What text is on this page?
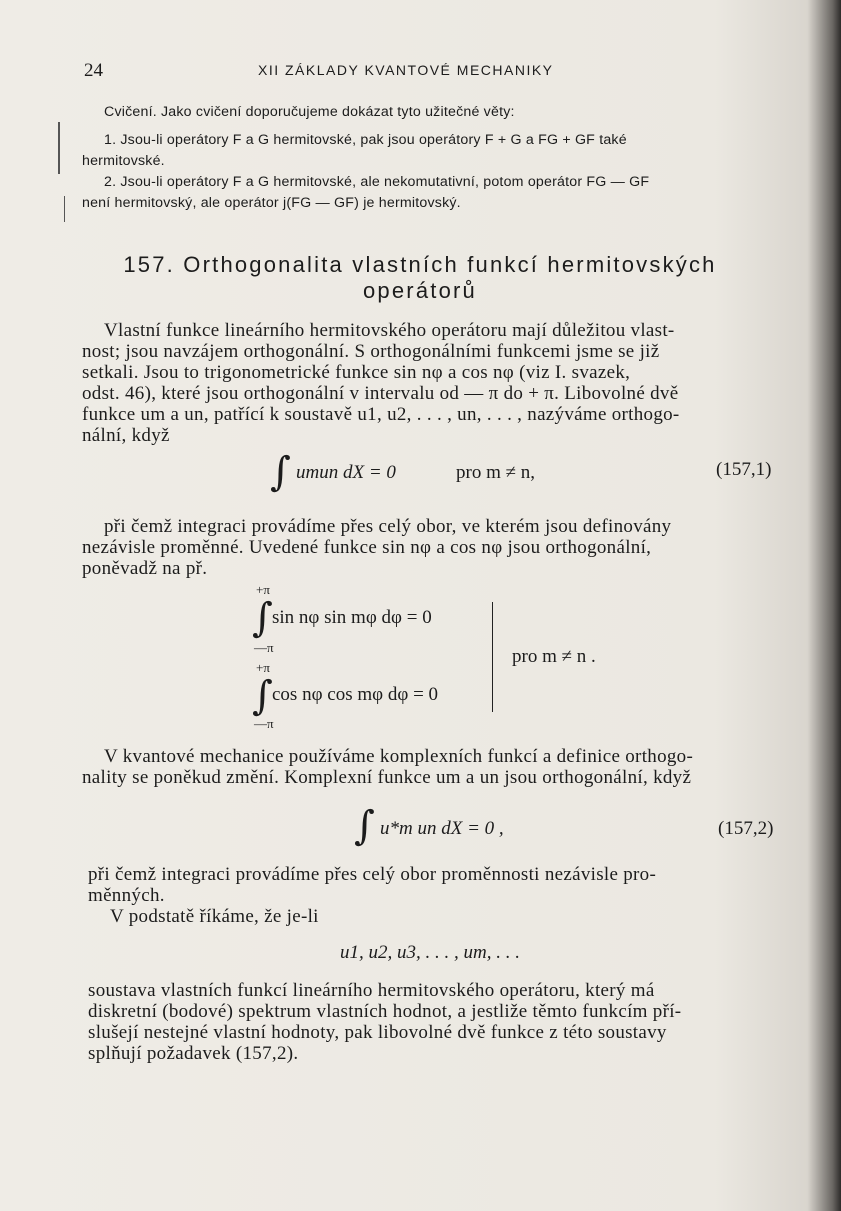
24	XII ZÁKLADY KVANTOVÉ MECHANIKY
Cvičení. Jako cvičení doporučujeme dokázat tyto užitečné věty:
1. Jsou-li operátory F a G hermitovské, pak jsou operátory F + G a FG + GF také
hermitovské.
2. Jsou-li operátory F a G hermitovské, ale nekomutativní, potom operátor FG — GF
není hermitovský, ale operátor j(FG — GF) je hermitovský.
157. Orthogonalita vlastních funkcí hermitovských
operátorů

Vlastní funkce lineárního hermitovského operátoru mají důležitou vlast-

nost; jsou navzájem orthogonální. S orthogonálními funkcemi jsme se již

setkali. Jsou to trigonometrické funkce sin nφ a cos nφ (viz I. svazek,

odst. 46), které jsou orthogonální v intervalu od — π do + π. Libovolné dvě

funkce um a un, patřící k soustavě u1, u2, . . . , un, . . . , nazýváme orthogo-

nální, když

∫ umun dX = 0	pro m ≠ n,	(157,1)

při čemž integraci provádíme přes celý obor, ve kterém jsou definovány

nezávisle proměnné. Uvedené funkce sin nφ a cos nφ jsou orthogonální,

poněvadž na př.

+π
∫
—π
sin nφ sin mφ dφ = 0
+π
∫
—π
cos nφ cos mφ dφ = 0
pro m ≠ n .

V kvantové mechanice používáme komplexních funkcí a definice orthogo-

nality se poněkud změní. Komplexní funkce um a un jsou orthogonální, když

∫ u*m un dX = 0 ,	(157,2)

při čemž integraci provádíme přes celý obor proměnnosti nezávisle pro-

měnných.

V podstatě říkáme, že je-li

u1, u2, u3, . . . , um, . . .

soustava vlastních funkcí lineárního hermitovského operátoru, který má

diskretní (bodové) spektrum vlastních hodnot, a jestliže těmto funkcím pří-

slušejí nestejné vlastní hodnoty, pak libovolné dvě funkce z této soustavy

splňují požadavek (157,2).
